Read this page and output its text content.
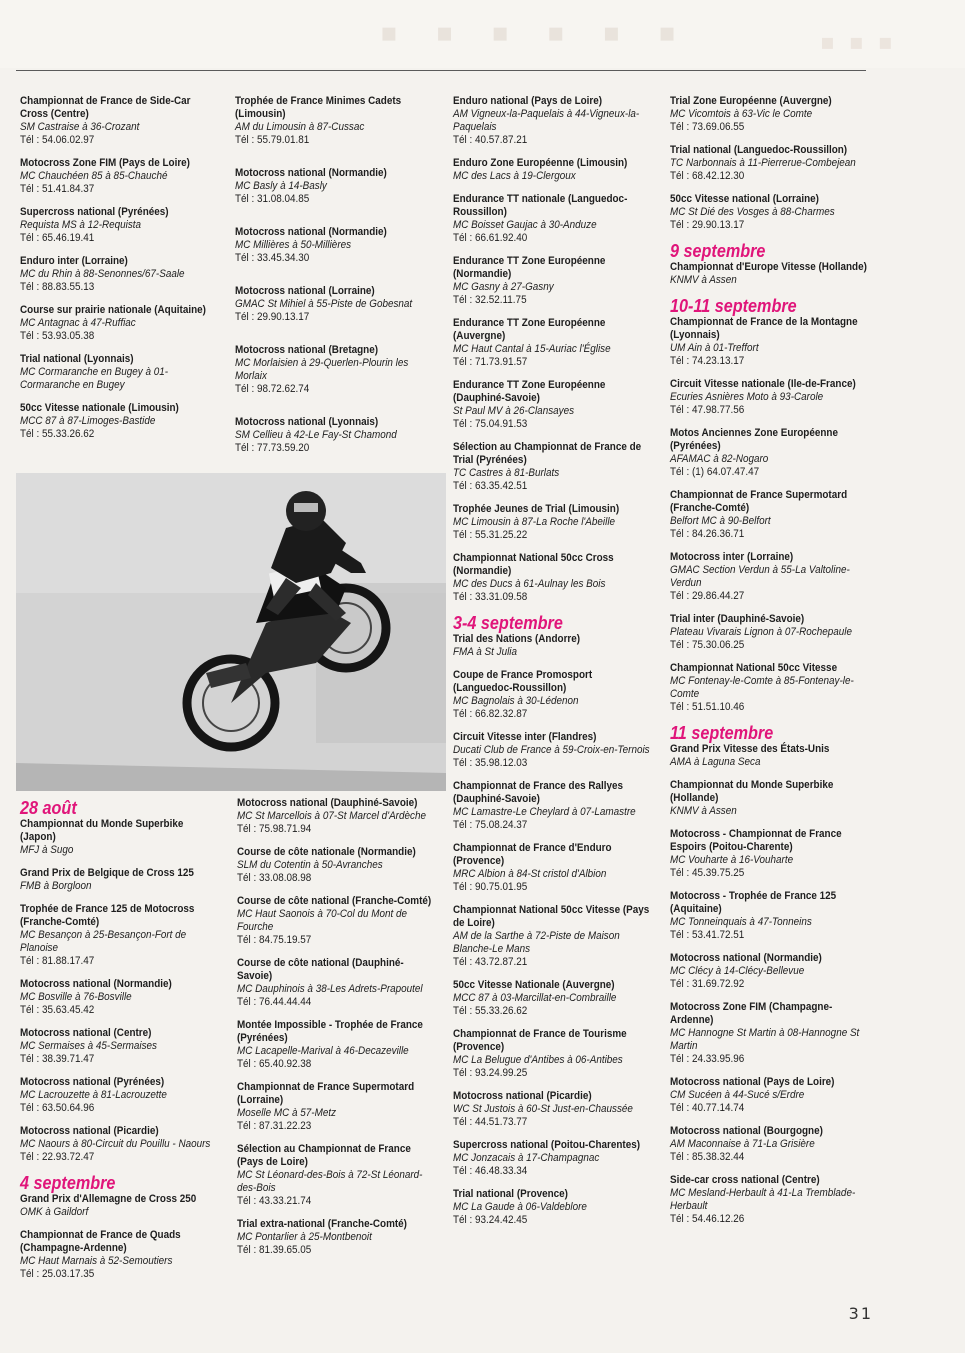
▪▪▪▪▪▪	▪▪▪
Championnat de France de Side-Car Cross (Centre)
SM Castraise à 36-Crozant
Tél : 54.06.02.97
Motocross Zone FIM (Pays de Loire)
MC Chauchéen 85 à 85-Chauché
Tél : 51.41.84.37
Supercross national (Pyrénées)
Requista MS à 12-Requista
Tél : 65.46.19.41
Enduro inter (Lorraine)
MC du Rhin à 88-Senonnes/67-Saale
Tél : 88.83.55.13
Course sur prairie nationale (Aquitaine)
MC Antagnac à 47-Ruffiac
Tél : 53.93.05.38
Trial national (Lyonnais)
MC Cormaranche en Bugey à 01-Cormaranche en Bugey
50cc Vitesse nationale (Limousin)
MCC 87 à 87-Limoges-Bastide
Tél : 55.33.26.62
Trophée de France Minimes Cadets (Limousin)
AM du Limousin à 87-Cussac
Tél : 55.79.01.81
Motocross national (Normandie)
MC Basly à 14-Basly
Tél : 31.08.04.85
Motocross national (Normandie)
MC Millières à 50-Millières
Tél : 33.45.34.30
Motocross national (Lorraine)
GMAC St Mihiel à 55-Piste de Gobesnat
Tél : 29.90.13.17
Motocross national (Bretagne)
MC Morlaisien à 29-Querlen-Plourin les Morlaix
Tél : 98.72.62.74
Motocross national (Lyonnais)
SM Cellieu à 42-Le Fay-St Chamond
Tél : 77.73.59.20
28 août
Championnat du Monde Superbike (Japon)
MFJ à Sugo
Grand Prix de Belgique de Cross 125
FMB à Borgloon
Trophée de France 125 de Motocross (Franche-Comté)
MC Besançon à 25-Besançon-Fort de Planoise
Tél : 81.88.17.47
Motocross national (Normandie)
MC Bosville à 76-Bosville
Tél : 35.63.45.42
Motocross national (Centre)
MC Sermaises à 45-Sermaises
Tél : 38.39.71.47
Motocross national (Pyrénées)
MC Lacrouzette à 81-Lacrouzette
Tél : 63.50.64.96
Motocross national (Picardie)
MC Naours à 80-Circuit du Pouillu - Naours
Tél : 22.93.72.47
4 septembre
Grand Prix d'Allemagne de Cross 250
OMK à Gaildorf
Championnat de France de Quads (Champagne-Ardenne)
MC Haut Marnais à 52-Semoutiers
Tél : 25.03.17.35
Motocross national (Dauphiné-Savoie)
MC St Marcellois à 07-St Marcel d'Ardèche
Tél : 75.98.71.94
Course de côte nationale (Normandie)
SLM du Cotentin à 50-Avranches
Tél : 33.08.08.98
Course de côte national (Franche-Comté)
MC Haut Saonois à 70-Col du Mont de Fourche
Tél : 84.75.19.57
Course de côte national (Dauphiné-Savoie)
MC Dauphinois à 38-Les Adrets-Prapoutel
Tél : 76.44.44.44
Montée Impossible - Trophée de France (Pyrénées)
MC Lacapelle-Marival à 46-Decazeville
Tél : 65.40.92.38
Championnat de France Supermotard (Lorraine)
Moselle MC à 57-Metz
Tél : 87.31.22.23
Sélection au Championnat de France (Pays de Loire)
MC St Léonard-des-Bois à 72-St Léonard-des-Bois
Tél : 43.33.21.74
Trial extra-national (Franche-Comté)
MC Pontarlier à 25-Montbenoit
Tél : 81.39.65.05
Enduro national (Pays de Loire)
AM Vigneux-la-Paquelais à 44-Vigneux-la-Paquelais
Tél : 40.57.87.21
Enduro Zone Européenne (Limousin)
MC des Lacs à 19-Clergoux
Endurance TT nationale (Languedoc-Roussillon)
MC Boisset Gaujac à 30-Anduze
Tél : 66.61.92.40
Endurance TT Zone Européenne (Normandie)
MC Gasny à 27-Gasny
Tél : 32.52.11.75
Endurance TT Zone Européenne (Auvergne)
MC Haut Cantal à 15-Auriac l'Église
Tél : 71.73.91.57
Endurance TT Zone Européenne (Dauphiné-Savoie)
St Paul MV à 26-Clansayes
Tél : 75.04.91.53
Sélection au Championnat de France de Trial (Pyrénées)
TC Castres à 81-Burlats
Tél : 63.35.42.51
Trophée Jeunes de Trial (Limousin)
MC Limousin à 87-La Roche l'Abeille
Tél : 55.31.25.22
Championnat National 50cc Cross (Normandie)
MC des Ducs à 61-Aulnay les Bois
Tél : 33.31.09.58
3-4 septembre
Trial des Nations (Andorre)
FMA à St Julia
Coupe de France Promosport (Languedoc-Roussillon)
MC Bagnolais à 30-Lédenon
Tél : 66.82.32.87
Circuit Vitesse inter (Flandres)
Ducati Club de France à 59-Croix-en-Ternois
Tél : 35.98.12.03
Championnat de France des Rallyes (Dauphiné-Savoie)
MC Lamastre-Le Cheylard à 07-Lamastre
Tél : 75.08.24.37
Championnat de France d'Enduro (Provence)
MRC Albion à 84-St cristol d'Albion
Tél : 90.75.01.95
Championnat National 50cc Vitesse (Pays de Loire)
AM de la Sarthe à 72-Piste de Maison Blanche-Le Mans
Tél : 43.72.87.21
50cc Vitesse Nationale (Auvergne)
MCC 87 à 03-Marcillat-en-Combraille
Tél : 55.33.26.62
Championnat de France de Tourisme (Provence)
MC La Belugue d'Antibes à 06-Antibes
Tél : 93.24.99.25
Motocross national (Picardie)
WC St Justois à 60-St Just-en-Chaussée
Tél : 44.51.73.77
Supercross national (Poitou-Charentes)
MC Jonzacais à 17-Champagnac
Tél : 46.48.33.34
Trial national (Provence)
MC La Gaude à 06-Valdeblore
Tél : 93.24.42.45
Trial Zone Européenne (Auvergne)
MC Vicomtois à 63-Vic le Comte
Tél : 73.69.06.55
Trial national (Languedoc-Roussillon)
TC Narbonnais à 11-Pierrerue-Combejean
Tél : 68.42.12.30
50cc Vitesse national (Lorraine)
MC St Dié des Vosges à 88-Charmes
Tél : 29.90.13.17
9 septembre
Championnat d'Europe Vitesse (Hollande)
KNMV à Assen
10-11 septembre
Championnat de France de la Montagne (Lyonnais)
UM Ain à 01-Treffort
Tél : 74.23.13.17
Circuit Vitesse nationale (Ile-de-France)
Ecuries Asnières Moto à 93-Carole
Tél : 47.98.77.56
Motos Anciennes Zone Européenne (Pyrénées)
AFAMAC à 82-Nogaro
Tél : (1) 64.07.47.47
Championnat de France Supermotard (Franche-Comté)
Belfort MC à 90-Belfort
Tél : 84.26.36.71
Motocross inter (Lorraine)
GMAC Section Verdun à 55-La Valtoline-Verdun
Tél : 29.86.44.27
Trial inter (Dauphiné-Savoie)
Plateau Vivarais Lignon à 07-Rochepaule
Tél : 75.30.06.25
Championnat National 50cc Vitesse
MC Fontenay-le-Comte à 85-Fontenay-le-Comte
Tél : 51.51.10.46
11 septembre
Grand Prix Vitesse des États-Unis
AMA à Laguna Seca
Championnat du Monde Superbike (Hollande)
KNMV à Assen
Motocross - Championnat de France Espoirs (Poitou-Charente)
MC Vouharte à 16-Vouharte
Tél : 45.39.75.25
Motocross - Trophée de France 125 (Aquitaine)
MC Tonneinquais à 47-Tonneins
Tél : 53.41.72.51
Motocross national (Normandie)
MC Clécy à 14-Clécy-Bellevue
Tél : 31.69.72.92
Motocross Zone FIM (Champagne-Ardenne)
MC Hannogne St Martin à 08-Hannogne St Martin
Tél : 24.33.95.96
Motocross national (Pays de Loire)
CM Sucéen à 44-Sucé s/Erdre
Tél : 40.77.14.74
Motocross national (Bourgogne)
AM Maconnaise à 71-La Grisière
Tél : 85.38.32.44
Side-car cross national (Centre)
MC Mesland-Herbault à 41-La Tremblade-Herbault
Tél : 54.46.12.26
31
